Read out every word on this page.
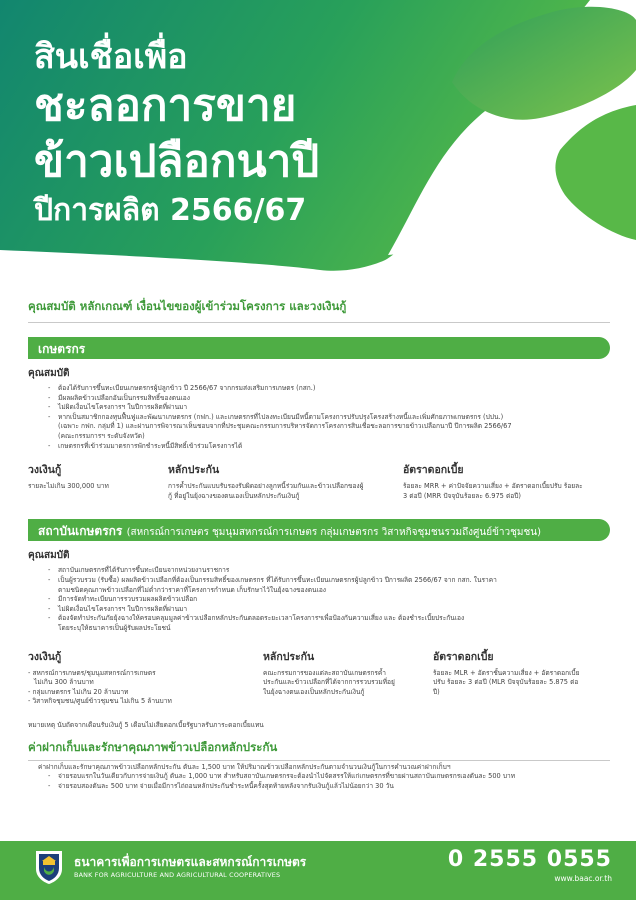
สินเชื่อเพื่อ
ชะลอการขาย
ข้าวเปลือกนาปี
ปีการผลิต 2566/67
คุณสมบัติ หลักเกณฑ์ เงื่อนไขของผู้เข้าร่วมโครงการ และวงเงินกู้
เกษตรกร
คุณสมบัติ
- ต้องได้รับการขึ้นทะเบียนเกษตรกรผู้ปลูกข้าว ปี 2566/67 จากกรมส่งเสริมการเกษตร (กสก.)
- มีผลผลิตข้าวเปลือกอันเป็นกรรมสิทธิ์ของตนเอง
- ไม่ผิดเงื่อนไขโครงการฯ ในปีการผลิตที่ผ่านมา
- หากเป็นสมาชิกกองทุนฟื้นฟูและพัฒนาเกษตรกร (กฟก.) และเกษตรกรที่ไปลงทะเบียนมีหนี้ตามโครงการปรับปรุงโครงสร้างหนี้และเพิ่มศักยภาพเกษตรกร (ปปน.)
(เฉพาะ กฟก. กลุ่มที่ 1) และผ่านการพิจารณาเห็นชอบจากที่ประชุมคณะกรรมการบริหารจัดการโครงการสินเชื่อชะลอการขายข้าวเปลือกนาปี ปีการผลิต 2566/67
(คณะกรรมการฯ ระดับจังหวัด)
- เกษตรกรที่เข้าร่วมมาตรการพักชำระหนี้มีสิทธิ์เข้าร่วมโครงการได้
วงเงินกู้
รายละไม่เกิน 300,000 บาท
หลักประกัน
การค้ำประกันแบบรับรองรับผิดอย่างลูกหนี้ร่วมกันและข้าวเปลือกของผู้กู้ ที่อยู่ในยุ้งฉางของตนเองเป็นหลักประกันเงินกู้
อัตราดอกเบี้ย
ร้อยละ MRR + ค่าปัจจัยความเสี่ยง + อัตราดอกเบี้ยปรับ ร้อยละ 3 ต่อปี (MRR ปัจจุบันร้อยละ 6.975 ต่อปี)
สถาบันเกษตรกร (สหกรณ์การเกษตร ชุมนุมสหกรณ์การเกษตร กลุ่มเกษตรกร วิสาหกิจชุมชนรวมถึงศูนย์ข้าวชุมชน)
คุณสมบัติ
- สถาบันเกษตรกรที่ได้รับการขึ้นทะเบียนจากหน่วยงานราชการ
- เป็นผู้รวบรวม (รับซื้อ) ผลผลิตข้าวเปลือกที่ต้องเป็นกรรมสิทธิ์ของเกษตรกร ที่ได้รับการขึ้นทะเบียนเกษตรกรผู้ปลูกข้าว ปีการผลิต 2566/67 จาก กสก. ในราคา
ตามชนิดคุณภาพข้าวเปลือกที่ไม่ต่ำกว่าราคาที่โครงการกำหนด เก็บรักษาไว้ในยุ้งฉางของตนเอง
- มีการจัดทำทะเบียนการรวบรวมผลผลิตข้าวเปลือก
- ไม่ผิดเงื่อนไขโครงการฯ ในปีการผลิตที่ผ่านมา
- ต้องจัดทำประกันภัยยุ้งฉางให้ครอบคลุมมูลค่าข้าวเปลือกหลักประกันตลอดระยะเวลาโครงการฯเพื่อป้องกันความเสี่ยง และ ต้องชำระเบี้ยประกันเอง
โดยระบุให้ธนาคารเป็นผู้รับผลประโยชน์
วงเงินกู้
- สหกรณ์การเกษตร/ชุมนุมสหกรณ์การเกษตร
ไม่เกิน 300 ล้านบาท
- กลุ่มเกษตรกร ไม่เกิน 20 ล้านบาท
- วิสาหกิจชุมชน/ศูนย์ข้าวชุมชน ไม่เกิน 5 ล้านบาท
หลักประกัน
คณะกรรมการของแต่ละสถาบันเกษตรกรค้ำประกันและข้าวเปลือกที่ได้จากการรวบรวมที่อยู่ในยุ้งฉางตนเองเป็นหลักประกันเงินกู้
อัตราดอกเบี้ย
ร้อยละ MLR + อัตราชั้นความเสี่ยง + อัตราดอกเบี้ยปรับ ร้อยละ 3 ต่อปี (MLR ปัจจุบันร้อยละ 5.875 ต่อปี)
หมายเหตุ นับถัดจากเดือนรับเงินกู้ 5 เดือนไม่เสียดอกเบี้ยรัฐบาลรับภาระดอกเบี้ยแทน
ค่าฝากเก็บและรักษาคุณภาพข้าวเปลือกหลักประกัน
ค่าฝากเก็บและรักษาคุณภาพข้าวเปลือกหลักประกัน ตันละ 1,500 บาท ให้ปริมาณข้าวเปลือกหลักประกันตามจำนวนเงินกู้ในการคำนวณค่าฝากเก็บฯ
- จ่ายรอบแรกในวันเดียวกับการจ่ายเงินกู้ ตันละ 1,000 บาท สำหรับสถาบันเกษตรกรจะต้องนำไปจัดสรรให้แก่เกษตรกรที่ขายผ่านสถาบันเกษตรกรเองตันละ 500 บาท
- จ่ายรอบสองตันละ 500 บาท จ่ายเมื่อมีการไถ่ถอนหลักประกันชำระหนี้ครั้งสุดท้ายหลังจากรับเงินกู้แล้วไม่น้อยกว่า 30 วัน
ธนาคารเพื่อการเกษตรและสหกรณ์การเกษตร
BANK FOR AGRICULTURE AND AGRICULTURAL COOPERATIVES
0 2555 0555
www.baac.or.th
